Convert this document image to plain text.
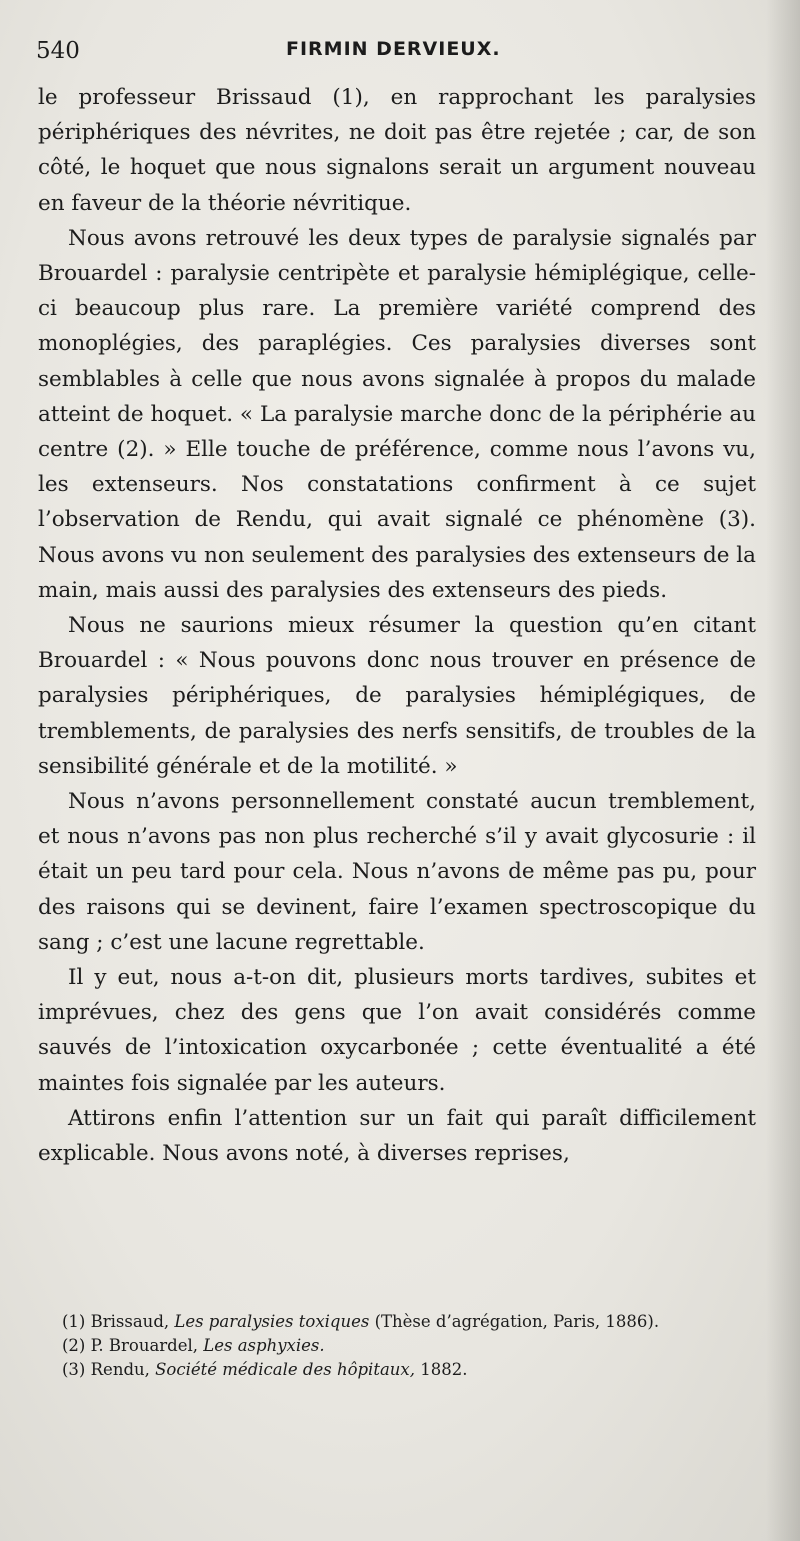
540	FIRMIN DERVIEUX.

le professeur Brissaud (1), en rapprochant les paralysies périphériques des névrites, ne doit pas être rejetée ; car, de son côté, le hoquet que nous signalons serait un argument nouveau en faveur de la théorie névritique.

Nous avons retrouvé les deux types de paralysie signalés par Brouardel : paralysie centripète et paralysie hémiplégique, celle-ci beaucoup plus rare. La première variété comprend des monoplégies, des paraplégies. Ces paralysies diverses sont semblables à celle que nous avons signalée à propos du malade atteint de hoquet. « La paralysie marche donc de la périphérie au centre (2). » Elle touche de préférence, comme nous l’avons vu, les extenseurs. Nos constatations confirment à ce sujet l’observation de Rendu, qui avait signalé ce phénomène (3). Nous avons vu non seulement des paralysies des extenseurs de la main, mais aussi des paralysies des extenseurs des pieds.

Nous ne saurions mieux résumer la question qu’en citant Brouardel : « Nous pouvons donc nous trouver en présence de paralysies périphériques, de paralysies hémiplégiques, de tremblements, de paralysies des nerfs sensitifs, de troubles de la sensibilité générale et de la motilité. »

Nous n’avons personnellement constaté aucun tremblement, et nous n’avons pas non plus recherché s’il y avait glycosurie : il était un peu tard pour cela. Nous n’avons de même pas pu, pour des raisons qui se devinent, faire l’examen spectroscopique du sang ; c’est une lacune regrettable.

Il y eut, nous a-t-on dit, plusieurs morts tardives, subites et imprévues, chez des gens que l’on avait considérés comme sauvés de l’intoxication oxycarbonée ; cette éventualité a été maintes fois signalée par les auteurs.

Attirons enfin l’attention sur un fait qui paraît difficilement explicable. Nous avons noté, à diverses reprises,

(1) Brissaud, Les paralysies toxiques (Thèse d’agrégation, Paris, 1886).
(2) P. Brouardel, Les asphyxies.
(3) Rendu, Société médicale des hôpitaux, 1882.
